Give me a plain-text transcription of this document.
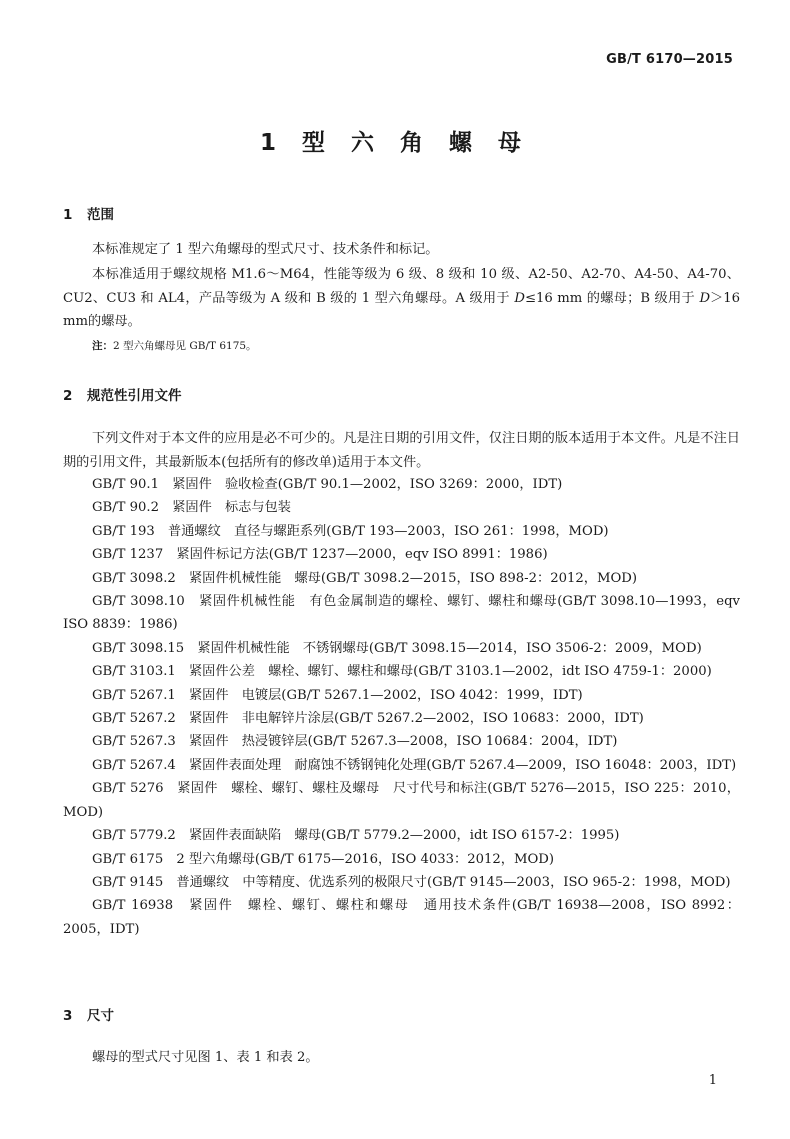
GB/T 6170—2015
1 型 六 角 螺 母
1 范围
本标准规定了 1 型六角螺母的型式尺寸、技术条件和标记。
本标准适用于螺纹规格 M1.6～M64，性能等级为 6 级、8 级和 10 级、A2-50、A2-70、A4-50、A4-70、CU2、CU3 和 AL4，产品等级为 A 级和 B 级的 1 型六角螺母。A 级用于 D≤16 mm 的螺母；B 级用于 D＞16 mm的螺母。
注：2 型六角螺母见 GB/T 6175。
2 规范性引用文件
下列文件对于本文件的应用是必不可少的。凡是注日期的引用文件，仅注日期的版本适用于本文件。凡是不注日期的引用文件，其最新版本(包括所有的修改单)适用于本文件。
GB/T 90.1　紧固件　验收检查(GB/T 90.1—2002，ISO 3269：2000，IDT)
GB/T 90.2　紧固件　标志与包装
GB/T 193　普通螺纹　直径与螺距系列(GB/T 193—2003，ISO 261：1998，MOD)
GB/T 1237　紧固件标记方法(GB/T 1237—2000，eqv ISO 8991：1986)
GB/T 3098.2　紧固件机械性能　螺母(GB/T 3098.2—2015，ISO 898-2：2012，MOD)
GB/T 3098.10　紧固件机械性能　有色金属制造的螺栓、螺钉、螺柱和螺母(GB/T 3098.10—1993，eqv ISO 8839：1986)
GB/T 3098.15　紧固件机械性能　不锈钢螺母(GB/T 3098.15—2014，ISO 3506-2：2009，MOD)
GB/T 3103.1　紧固件公差　螺栓、螺钉、螺柱和螺母(GB/T 3103.1—2002，idt ISO 4759-1：2000)
GB/T 5267.1　紧固件　电镀层(GB/T 5267.1—2002，ISO 4042：1999，IDT)
GB/T 5267.2　紧固件　非电解锌片涂层(GB/T 5267.2—2002，ISO 10683：2000，IDT)
GB/T 5267.3　紧固件　热浸镀锌层(GB/T 5267.3—2008，ISO 10684：2004，IDT)
GB/T 5267.4　紧固件表面处理　耐腐蚀不锈钢钝化处理(GB/T 5267.4—2009，ISO 16048：2003，IDT)
GB/T 5276　紧固件　螺栓、螺钉、螺柱及螺母　尺寸代号和标注(GB/T 5276—2015，ISO 225：2010，MOD)
GB/T 5779.2　紧固件表面缺陷　螺母(GB/T 5779.2—2000，idt ISO 6157-2：1995)
GB/T 6175　2 型六角螺母(GB/T 6175—2016，ISO 4033：2012，MOD)
GB/T 9145　普通螺纹　中等精度、优选系列的极限尺寸(GB/T 9145—2003，ISO 965-2：1998，MOD)
GB/T 16938　紧固件　螺栓、螺钉、螺柱和螺母　通用技术条件(GB/T 16938—2008，ISO 8992：2005，IDT)
3 尺寸
螺母的型式尺寸见图 1、表 1 和表 2。
1
